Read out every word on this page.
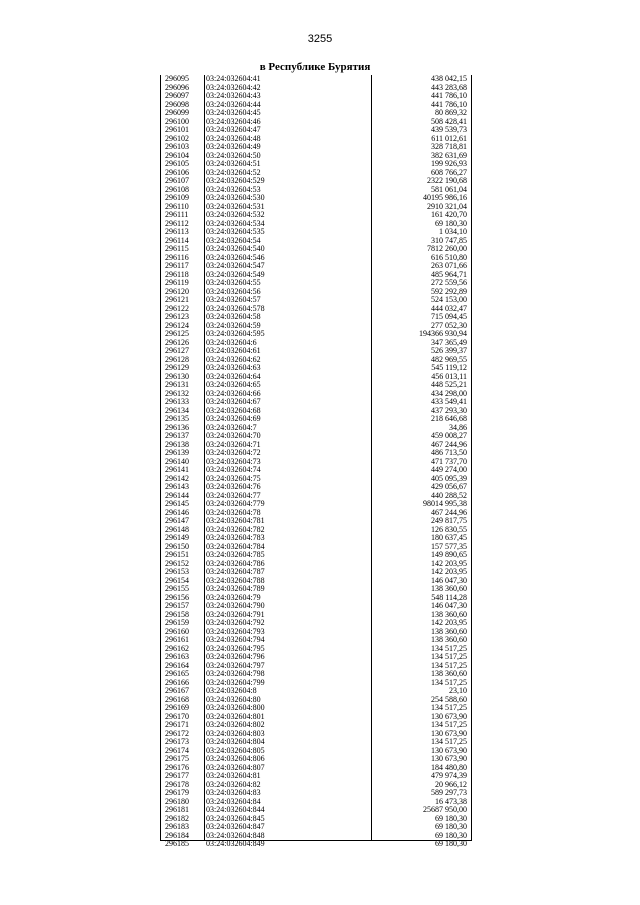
3255
в Республике Бурятия
296095	03:24:032604:41	438 042,15
296096	03:24:032604:42	443 283,68
296097	03:24:032604:43	441 786,10
296098	03:24:032604:44	441 786,10
296099	03:24:032604:45	80 869,32
296100	03:24:032604:46	508 428,41
296101	03:24:032604:47	439 539,73
296102	03:24:032604:48	611 012,61
296103	03:24:032604:49	328 718,81
296104	03:24:032604:50	382 631,69
296105	03:24:032604:51	199 926,93
296106	03:24:032604:52	608 766,27
296107	03:24:032604:529	2322 190,68
296108	03:24:032604:53	581 061,04
296109	03:24:032604:530	40195 986,16
296110	03:24:032604:531	2910 321,04
296111	03:24:032604:532	161 420,70
296112	03:24:032604:534	69 180,30
296113	03:24:032604:535	1 034,10
296114	03:24:032604:54	310 747,85
296115	03:24:032604:540	7812 260,00
296116	03:24:032604:546	616 510,80
296117	03:24:032604:547	263 071,66
296118	03:24:032604:549	485 964,71
296119	03:24:032604:55	272 559,56
296120	03:24:032604:56	592 292,89
296121	03:24:032604:57	524 153,00
296122	03:24:032604:578	444 032,47
296123	03:24:032604:58	715 094,45
296124	03:24:032604:59	277 052,30
296125	03:24:032604:595	194366 930,94
296126	03:24:032604:6	347 365,49
296127	03:24:032604:61	526 399,37
296128	03:24:032604:62	482 969,55
296129	03:24:032604:63	545 119,12
296130	03:24:032604:64	456 013,11
296131	03:24:032604:65	448 525,21
296132	03:24:032604:66	434 298,00
296133	03:24:032604:67	433 549,41
296134	03:24:032604:68	437 293,30
296135	03:24:032604:69	218 646,68
296136	03:24:032604:7	34,86
296137	03:24:032604:70	459 008,27
296138	03:24:032604:71	467 244,96
296139	03:24:032604:72	486 713,50
296140	03:24:032604:73	471 737,70
296141	03:24:032604:74	449 274,00
296142	03:24:032604:75	405 095,39
296143	03:24:032604:76	429 056,67
296144	03:24:032604:77	440 288,52
296145	03:24:032604:779	98014 995,38
296146	03:24:032604:78	467 244,96
296147	03:24:032604:781	249 817,75
296148	03:24:032604:782	126 830,55
296149	03:24:032604:783	180 637,45
296150	03:24:032604:784	157 577,35
296151	03:24:032604:785	149 890,65
296152	03:24:032604:786	142 203,95
296153	03:24:032604:787	142 203,95
296154	03:24:032604:788	146 047,30
296155	03:24:032604:789	138 360,60
296156	03:24:032604:79	548 114,28
296157	03:24:032604:790	146 047,30
296158	03:24:032604:791	138 360,60
296159	03:24:032604:792	142 203,95
296160	03:24:032604:793	138 360,60
296161	03:24:032604:794	138 360,60
296162	03:24:032604:795	134 517,25
296163	03:24:032604:796	134 517,25
296164	03:24:032604:797	134 517,25
296165	03:24:032604:798	138 360,60
296166	03:24:032604:799	134 517,25
296167	03:24:032604:8	23,10
296168	03:24:032604:80	254 588,60
296169	03:24:032604:800	134 517,25
296170	03:24:032604:801	130 673,90
296171	03:24:032604:802	134 517,25
296172	03:24:032604:803	130 673,90
296173	03:24:032604:804	134 517,25
296174	03:24:032604:805	130 673,90
296175	03:24:032604:806	130 673,90
296176	03:24:032604:807	184 480,80
296177	03:24:032604:81	479 974,39
296178	03:24:032604:82	20 966,12
296179	03:24:032604:83	589 297,73
296180	03:24:032604:84	16 473,38
296181	03:24:032604:844	25687 950,00
296182	03:24:032604:845	69 180,30
296183	03:24:032604:847	69 180,30
296184	03:24:032604:848	69 180,30
296185	03:24:032604:849	69 180,30
